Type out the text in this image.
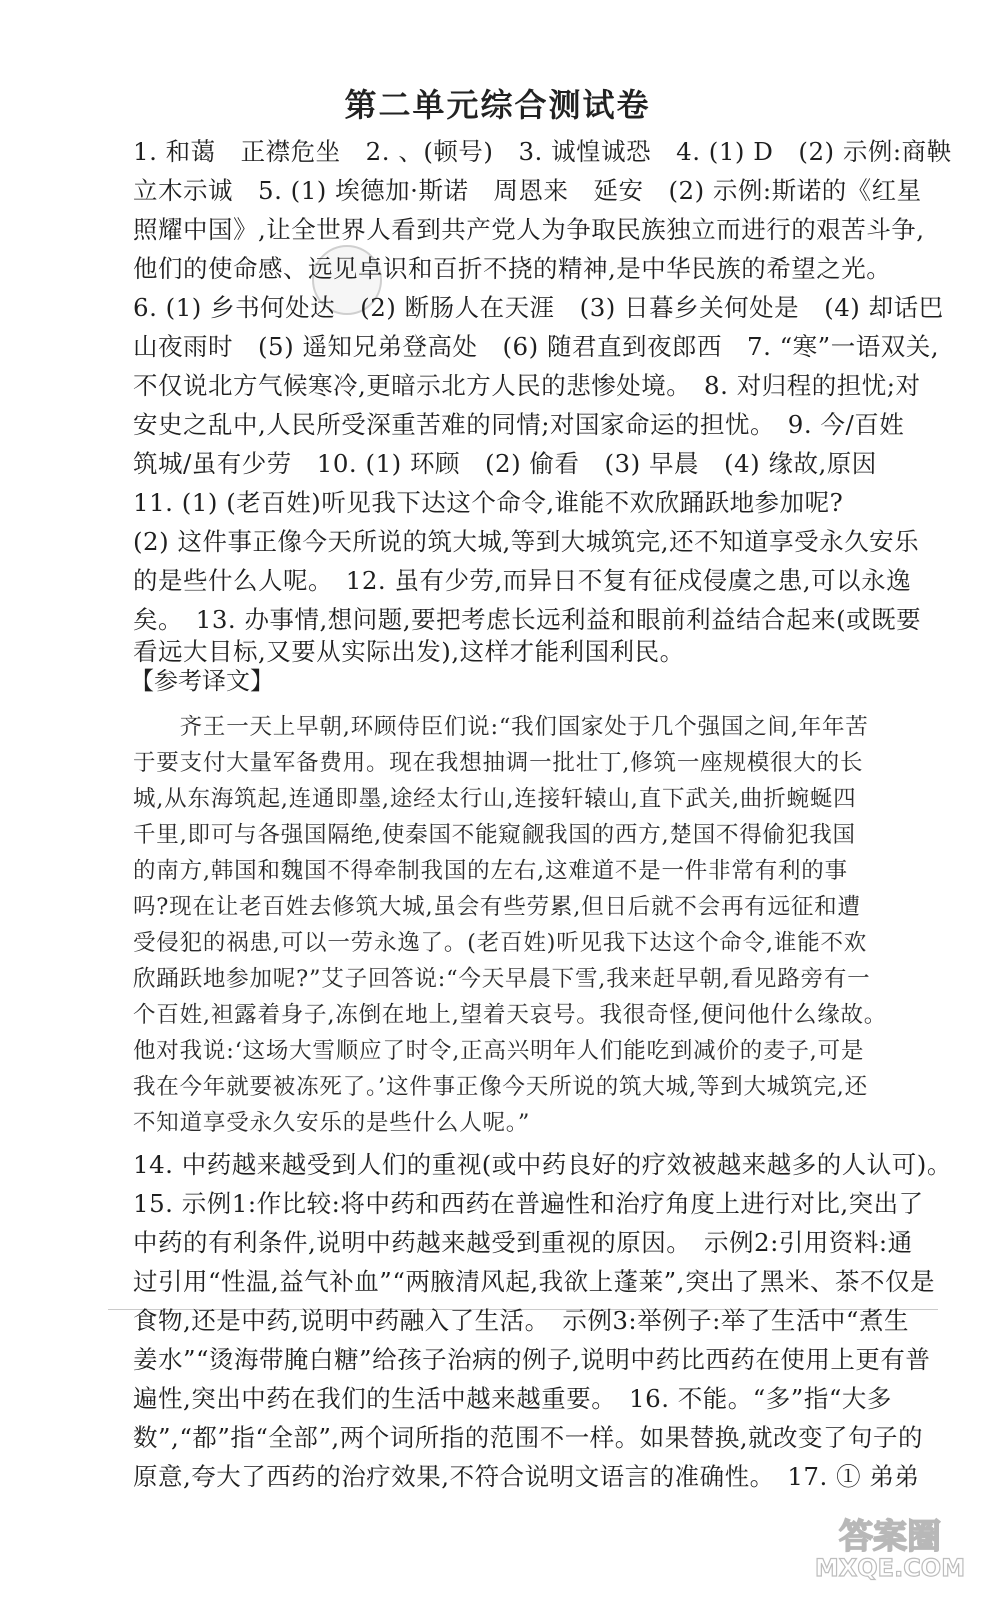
第二单元综合测试卷
1. 和蔼　正襟危坐　2. 、(顿号)　3. 诚惶诚恐　4. (1) D　(2) 示例:商鞅
立木示诚　5. (1) 埃德加·斯诺　周恩来　延安　(2) 示例:斯诺的《红星
照耀中国》,让全世界人看到共产党人为争取民族独立而进行的艰苦斗争,
他们的使命感、远见卓识和百折不挠的精神,是中华民族的希望之光。
6. (1) 乡书何处达　(2) 断肠人在天涯　(3) 日暮乡关何处是　(4) 却话巴
山夜雨时　(5) 遥知兄弟登高处　(6) 随君直到夜郎西　7. “寒”一语双关,
不仅说北方气候寒冷,更暗示北方人民的悲惨处境。　8. 对归程的担忧;对
安史之乱中,人民所受深重苦难的同情;对国家命运的担忧。　9. 今/百姓
筑城/虽有少劳　10. (1) 环顾　(2) 偷看　(3) 早晨　(4) 缘故,原因
11. (1) (老百姓)听见我下达这个命令,谁能不欢欣踊跃地参加呢?
(2) 这件事正像今天所说的筑大城,等到大城筑完,还不知道享受永久安乐
的是些什么人呢。　12. 虽有少劳,而异日不复有征戍侵虞之患,可以永逸
矣。　13. 办事情,想问题,要把考虑长远利益和眼前利益结合起来(或既要
看远大目标,又要从实际出发),这样才能利国利民。
【参考译文】
　　齐王一天上早朝,环顾侍臣们说:“我们国家处于几个强国之间,年年苦
于要支付大量军备费用。现在我想抽调一批壮丁,修筑一座规模很大的长
城,从东海筑起,连通即墨,途经太行山,连接轩辕山,直下武关,曲折蜿蜒四
千里,即可与各强国隔绝,使秦国不能窥觎我国的西方,楚国不得偷犯我国
的南方,韩国和魏国不得牵制我国的左右,这难道不是一件非常有利的事
吗?现在让老百姓去修筑大城,虽会有些劳累,但日后就不会再有远征和遭
受侵犯的祸患,可以一劳永逸了。(老百姓)听见我下达这个命令,谁能不欢
欣踊跃地参加呢?”艾子回答说:“今天早晨下雪,我来赶早朝,看见路旁有一
个百姓,袒露着身子,冻倒在地上,望着天哀号。我很奇怪,便问他什么缘故。
他对我说:‘这场大雪顺应了时令,正高兴明年人们能吃到减价的麦子,可是
我在今年就要被冻死了。’这件事正像今天所说的筑大城,等到大城筑完,还
不知道享受永久安乐的是些什么人呢。”
14. 中药越来越受到人们的重视(或中药良好的疗效被越来越多的人认可)。
15. 示例1:作比较:将中药和西药在普遍性和治疗角度上进行对比,突出了
中药的有利条件,说明中药越来越受到重视的原因。　示例2:引用资料:通
过引用“性温,益气补血”“两腋清风起,我欲上蓬莱”,突出了黑米、茶不仅是
食物,还是中药,说明中药融入了生活。　示例3:举例子:举了生活中“煮生
姜水”“烫海带腌白糖”给孩子治病的例子,说明中药比西药在使用上更有普
遍性,突出中药在我们的生活中越来越重要。　16. 不能。“多”指“大多
数”,“都”指“全部”,两个词所指的范围不一样。如果替换,就改变了句子的
原意,夸大了西药的治疗效果,不符合说明文语言的准确性。　17. ① 弟弟
答案圈
MXQE.COM
